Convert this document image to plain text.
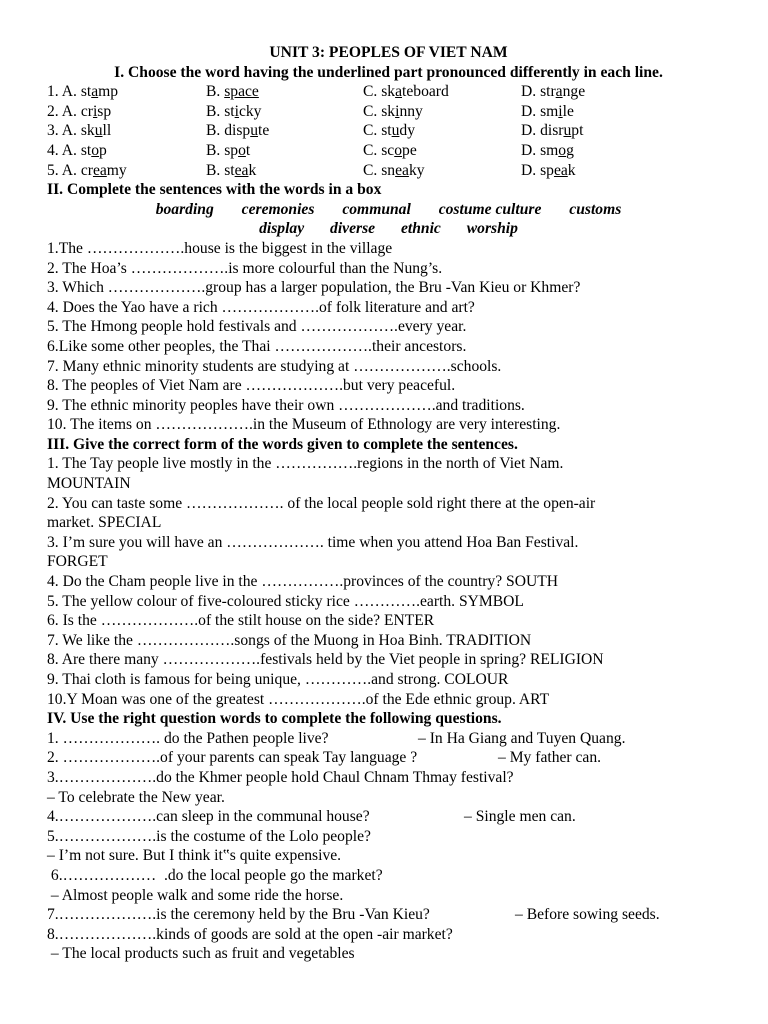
UNIT 3: PEOPLES OF VIET NAM

I. Choose the word having the underlined part pronounced differently in each line.

1. A. stamp	B. space	C. skateboard	D. strange
2. A. crisp	B. sticky	C. skinny	D. smile
3. A. skull	B. dispute	C. study	D. disrupt
4. A. stop	B. spot	C. scope	D. smog
5. A. creamy	B. steak	C. sneaky	D. speak

II. Complete the sentences with the words in a box

boarding ceremonies communal costume culture customs

display diverse ethnic worship

1.The ……………….house is the biggest in the village

2. The Hoa’s ……………….is more colourful than the Nung’s.

3. Which ……………….group has a larger population, the Bru -Van Kieu or Khmer?

4. Does the Yao have a rich ……………….of folk literature and art?

5. The Hmong people hold festivals and ……………….every year.

6.Like some other peoples, the Thai ……………….their ancestors.

7. Many ethnic minority students are studying at ……………….schools.

8. The peoples of Viet Nam are ……………….but very peaceful.

9. The ethnic minority peoples have their own ……………….and traditions.

10. The items on ……………….in the Museum of Ethnology are very interesting.

III. Give the correct form of the words given to complete the sentences.

1. The Tay people live mostly in the …………….regions in the north of Viet Nam.

MOUNTAIN

2. You can taste some ………………. of the local people sold right there at the open-air

market. SPECIAL

3. I’m sure you will have an ………………. time when you attend Hoa Ban Festival.

FORGET

4. Do the Cham people live in the …………….provinces of the country? SOUTH

5. The yellow colour of five-coloured sticky rice ………….earth. SYMBOL

6. Is the ……………….of the stilt house on the side? ENTER

7. We like the ……………….songs of the Muong in Hoa Binh. TRADITION

8. Are there many ……………….festivals held by the Viet people in spring? RELIGION

9. Thai cloth is famous for being unique, ………….and strong. COLOUR

10.Y Moan was one of the greatest ……………….of the Ede ethnic group. ART

IV. Use the right question words to complete the following questions.

1. ………………. do the Pathen people live?	– In Ha Giang and Tuyen Quang.

2. ……………….of your parents can speak Tay language ?	– My father can.

3.……………….do the Khmer people hold Chaul Chnam Thmay festival?

– To celebrate the New year.

4.……………….can sleep in the communal house?	– Single men can.

5.……………….is the costume of the Lolo people?

– I’m not sure. But I think it‟s quite expensive.

6.………………  .do the local people go the market?

– Almost people walk and some ride the horse.

7.……………….is the ceremony held by the Bru -Van Kieu?	– Before sowing seeds.

8.……………….kinds of goods are sold at the open -air market?

– The local products such as fruit and vegetables
